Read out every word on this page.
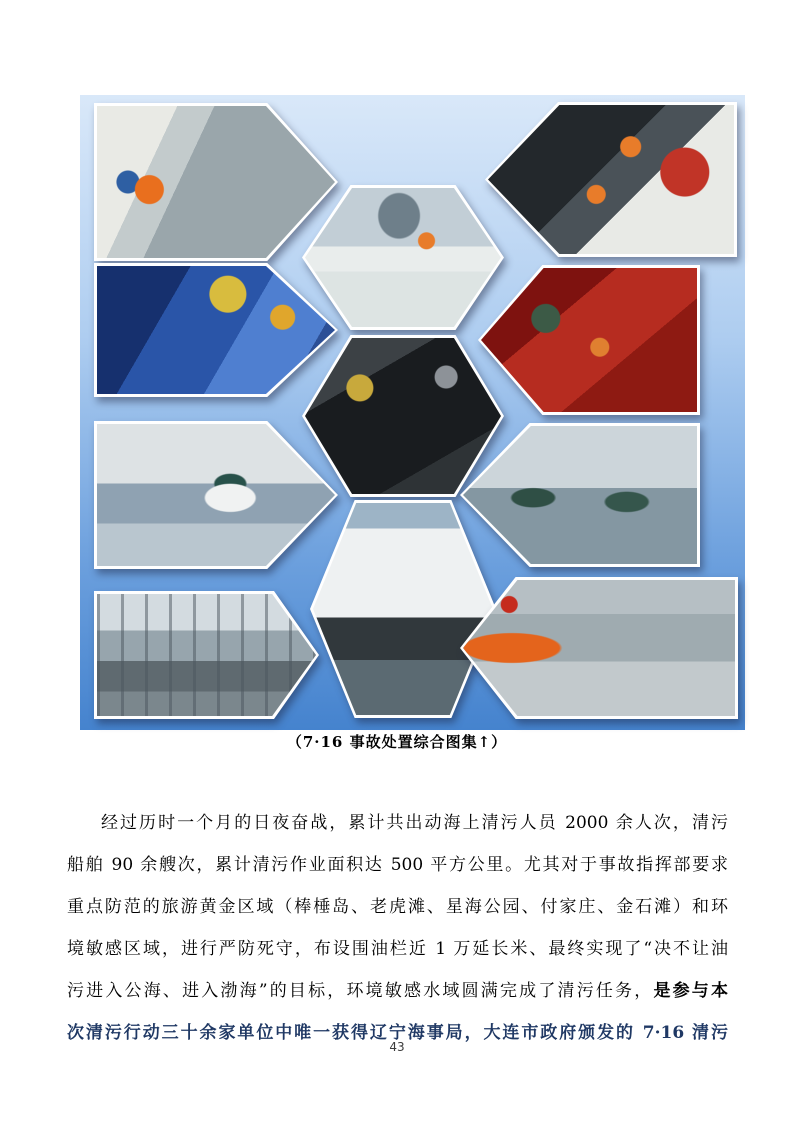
（7·16 事故处置综合图集↑）
经过历时一个月的日夜奋战，累计共出动海上清污人员 2000 余人次，清污
船舶 90 余艘次，累计清污作业面积达 500 平方公里。尤其对于事故指挥部要求
重点防范的旅游黄金区域（棒棰岛、老虎滩、星海公园、付家庄、金石滩）和环
境敏感区域，进行严防死守，布设围油栏近 1 万延长米、最终实现了“决不让油
污进入公海、进入渤海”的目标，环境敏感水域圆满完成了清污任务，是参与本
次清污行动三十余家单位中唯一获得辽宁海事局，大连市政府颁发的 7·16 清污
43
